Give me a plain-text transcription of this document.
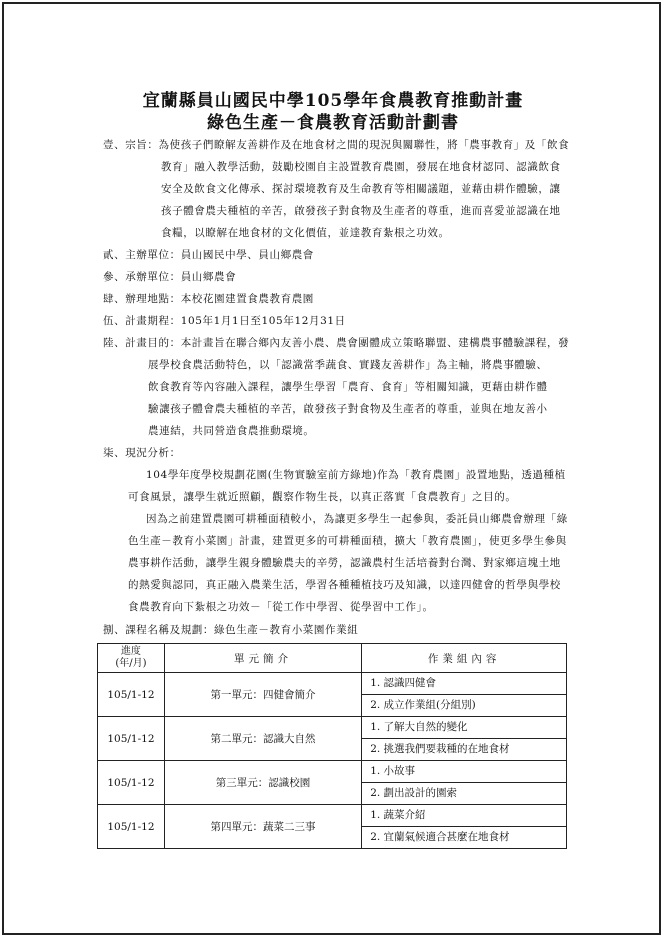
宜蘭縣員山國民中學105學年食農教育推動計畫
綠色生產－食農教育活動計劃書
壹、宗旨：為使孩子們瞭解友善耕作及在地食材之間的現況與關聯性，將「農事教育」及「飲食
教育」融入教學活動，鼓勵校園自主設置教育農園，發展在地食材認同、認識飲食
安全及飲食文化傳承、探討環境教育及生命教育等相關議題，並藉由耕作體驗，讓
孩子體會農夫種植的辛苦，啟發孩子對食物及生產者的尊重，進而喜愛並認識在地
食糧，以瞭解在地食材的文化價值，並達教育紮根之功效。
貳、主辦單位：員山國民中學、員山鄉農會
參、承辦單位：員山鄉農會
肆、辦理地點：本校花園建置食農教育農園
伍、計畫期程：105年1月1日至105年12月31日
陸、計畫目的：本計畫旨在聯合鄉內友善小農、農會團體成立策略聯盟、建構農事體驗課程，發
展學校食農活動特色，以「認識當季蔬食、實踐友善耕作」為主軸，將農事體驗、
飲食教育等內容融入課程，讓學生學習「農育、食育」等相關知識，更藉由耕作體
驗讓孩子體會農夫種植的辛苦，啟發孩子對食物及生產者的尊重，並與在地友善小
農連結，共同營造食農推動環境。
柒、現況分析：
104學年度學校規劃花園(生物實驗室前方綠地)作為「教育農園」設置地點，透過種植
可食風景，讓學生就近照顧，觀察作物生長，以真正落實「食農教育」之目的。
因為之前建置農園可耕種面積較小，為讓更多學生一起參與，委託員山鄉農會辦理「綠
色生產－教育小菜園」計畫，建置更多的可耕種面積，擴大「教育農園」，使更多學生參與
農事耕作活動，讓學生親身體驗農夫的辛勞，認識農村生活培養對台灣、對家鄉這塊土地
的熱愛與認同，真正融入農業生活，學習各種種植技巧及知識，以達四健會的哲學與學校
食農教育向下紮根之功效－「從工作中學習、從學習中工作」。
捌、課程名稱及規劃：綠色生產－教育小菜園作業組
進度
(年/月)	單元簡介	作業組內容
105/1-12	第一單元：四健會簡介	1. 認識四健會
2. 成立作業組(分組別)

105/1-12	第二單元：認識大自然	1. 了解大自然的變化
2. 挑選我們要栽種的在地食材

105/1-12	第三單元：認識校園	1. 小故事
2. 劃出設計的園索

105/1-12	第四單元：蔬菜二三事	1. 蔬菜介紹
2. 宜蘭氣候適合甚麼在地食材
